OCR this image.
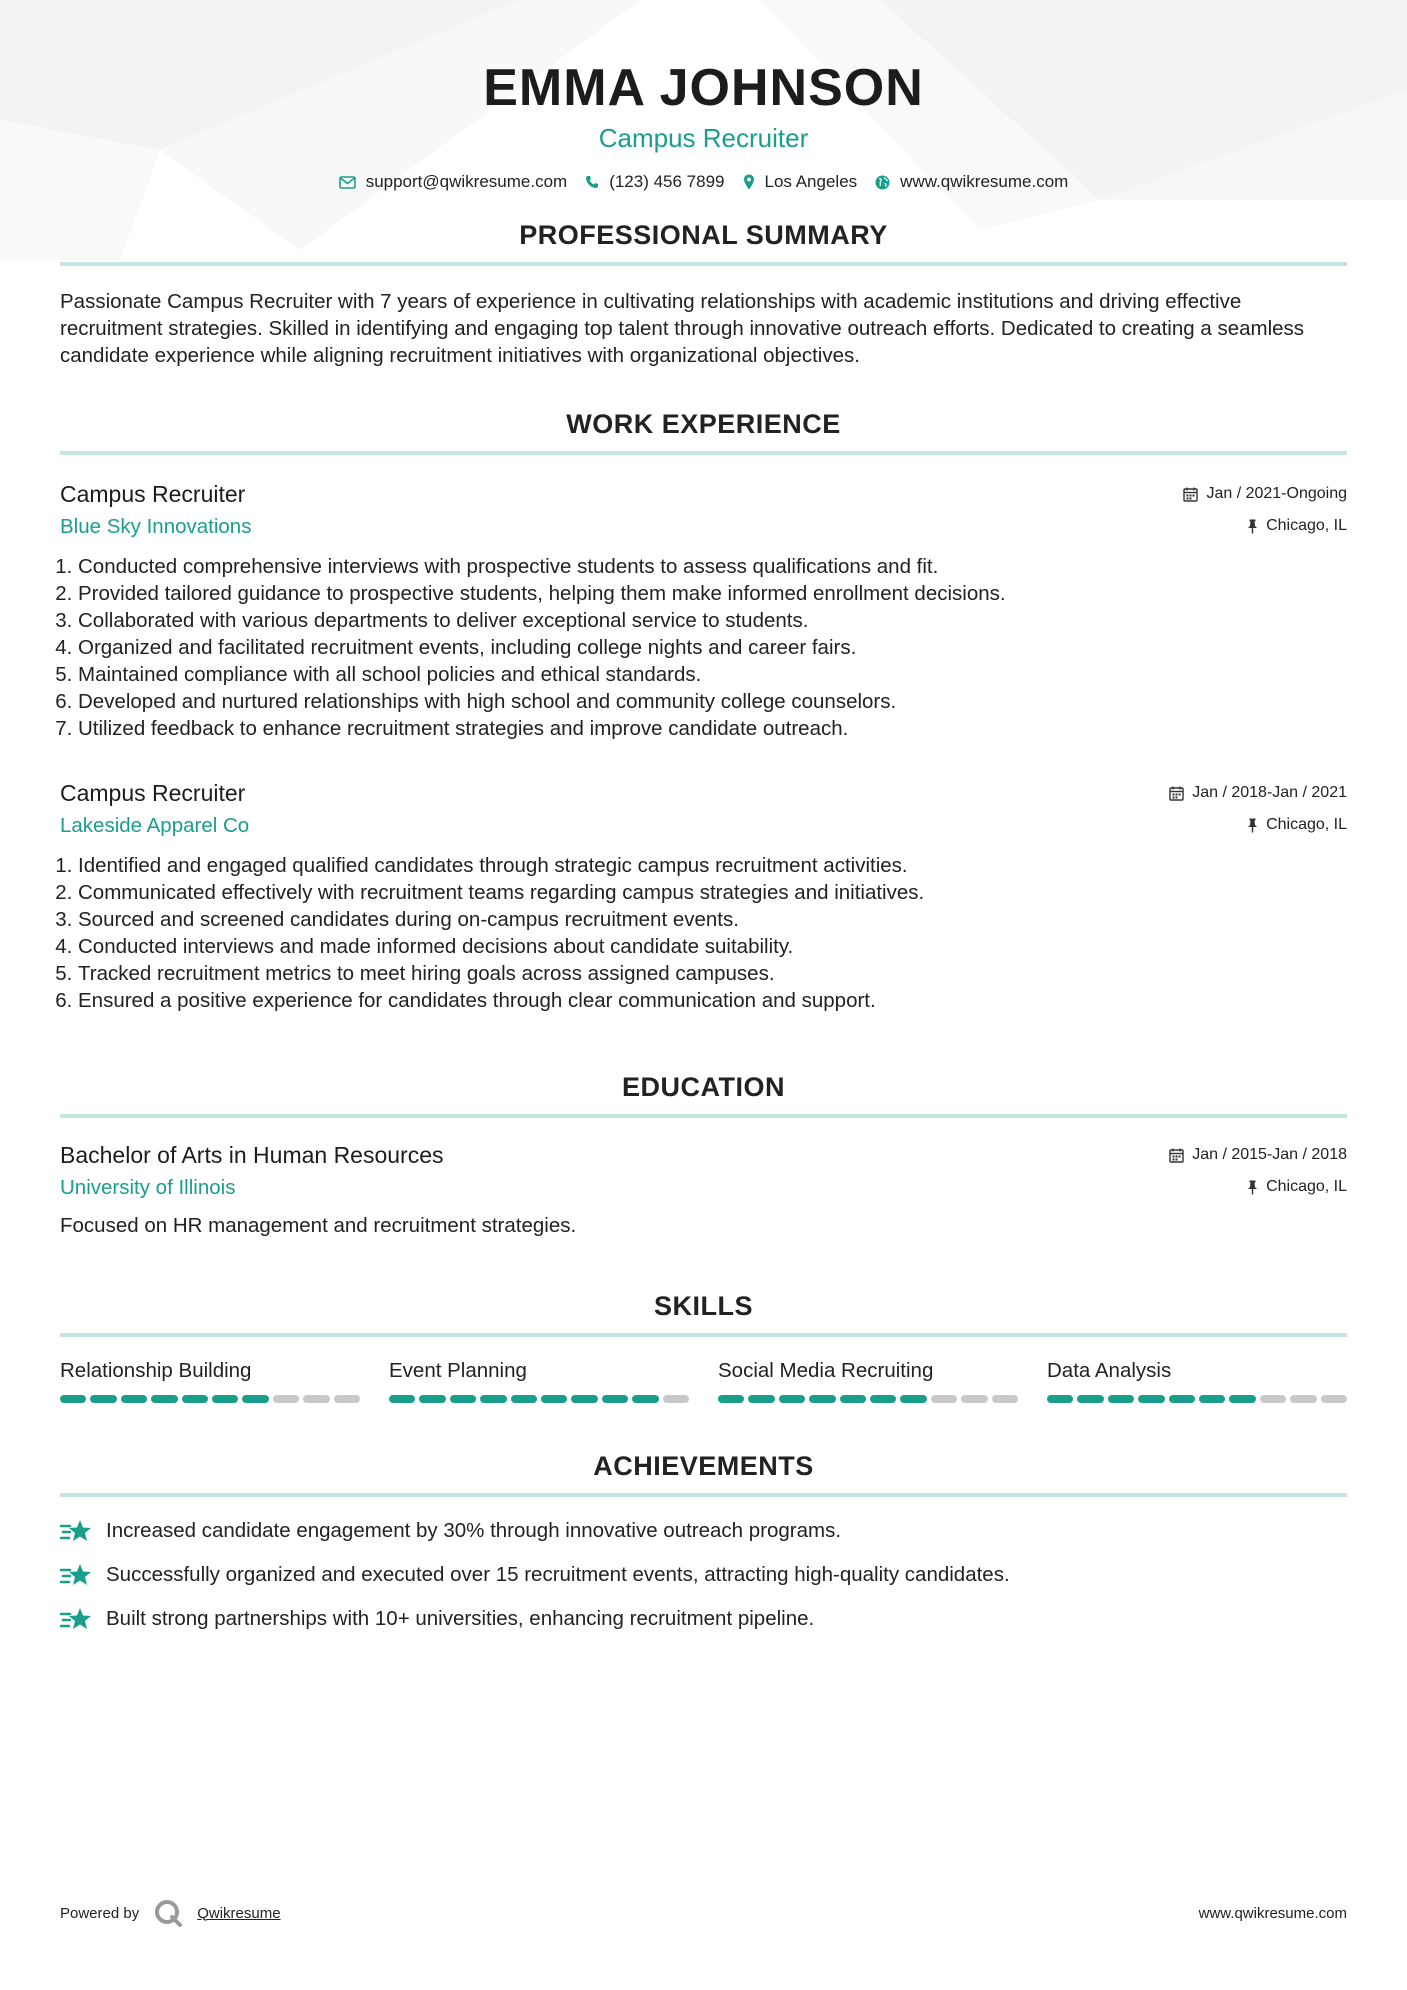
EMMA JOHNSON
Campus Recruiter
support@qwikresume.com (123) 456 7899 Los Angeles	www.qwikresume.com
PROFESSIONAL SUMMARY
Passionate Campus Recruiter with 7 years of experience in cultivating relationships with academic institutions and driving effective recruitment strategies. Skilled in identifying and engaging top talent through innovative outreach efforts. Dedicated to creating a seamless candidate experience while aligning recruitment initiatives with organizational objectives.
WORK EXPERIENCE
Campus Recruiter
Blue Sky Innovations
Jan / 2021-Ongoing
Chicago, IL
1. Conducted comprehensive interviews with prospective students to assess qualifications and fit.
2. Provided tailored guidance to prospective students, helping them make informed enrollment decisions.
3. Collaborated with various departments to deliver exceptional service to students.
4. Organized and facilitated recruitment events, including college nights and career fairs.
5. Maintained compliance with all school policies and ethical standards.
6. Developed and nurtured relationships with high school and community college counselors.
7. Utilized feedback to enhance recruitment strategies and improve candidate outreach.
Campus Recruiter
Lakeside Apparel Co
Jan / 2018-Jan / 2021
Chicago, IL
1. Identified and engaged qualified candidates through strategic campus recruitment activities.
2. Communicated effectively with recruitment teams regarding campus strategies and initiatives.
3. Sourced and screened candidates during on-campus recruitment events.
4. Conducted interviews and made informed decisions about candidate suitability.
5. Tracked recruitment metrics to meet hiring goals across assigned campuses.
6. Ensured a positive experience for candidates through clear communication and support.
EDUCATION
Bachelor of Arts in Human Resources
University of Illinois
Jan / 2015-Jan / 2018
Chicago, IL
Focused on HR management and recruitment strategies.
SKILLS
Relationship Building	Event Planning	Social Media Recruiting	Data Analysis
ACHIEVEMENTS
Increased candidate engagement by 30% through innovative outreach programs.
Successfully organized and executed over 15 recruitment events, attracting high-quality candidates.
Built strong partnerships with 10+ universities, enhancing recruitment pipeline.
Powered by	Qwikresume	www.qwikresume.com
